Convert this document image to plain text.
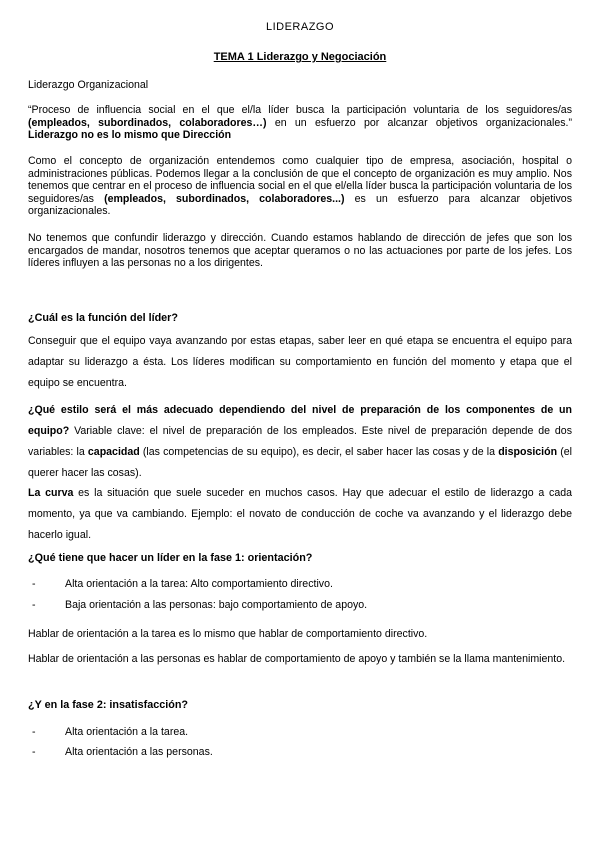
LIDERAZGO
TEMA 1 Liderazgo y Negociación
Liderazgo Organizacional
“Proceso de influencia social en el que el/la líder busca la participación voluntaria de los seguidores/as (empleados, subordinados, colaboradores…) en un esfuerzo por alcanzar objetivos organizacionales.” Liderazgo no es lo mismo que Dirección
Como el concepto de organización entendemos como cualquier tipo de empresa, asociación, hospital o administraciones públicas. Podemos llegar a la conclusión de que el concepto de organización es muy amplio. Nos tenemos que centrar en el proceso de influencia social en el que el/ella líder busca la participación voluntaria de los seguidores/as (empleados, subordinados, colaboradores...) es un esfuerzo para alcanzar objetivos organizacionales.
No tenemos que confundir liderazgo y dirección. Cuando estamos hablando de dirección de jefes que son los encargados de mandar, nosotros tenemos que aceptar queramos o no las actuaciones por parte de los jefes. Los líderes influyen a las personas no a los dirigentes.
¿Cuál es la función del líder?
Conseguir que el equipo vaya avanzando por estas etapas, saber leer en qué etapa se encuentra el equipo para adaptar su liderazgo a ésta. Los líderes modifican su comportamiento en función del momento y etapa que el equipo se encuentra.
¿Qué estilo será el más adecuado dependiendo del nivel de preparación de los componentes de un equipo? Variable clave: el nivel de preparación de los empleados. Este nivel de preparación depende de dos variables: la capacidad (las competencias de su equipo), es decir, el saber hacer las cosas y de la disposición (el querer hacer las cosas).
La curva es la situación que suele suceder en muchos casos. Hay que adecuar el estilo de liderazgo a cada momento, ya que va cambiando. Ejemplo: el novato de conducción de coche va avanzando y el liderazgo debe hacerlo igual.
¿Qué tiene que hacer un líder en la fase 1: orientación?
-	Alta orientación a la tarea: Alto comportamiento directivo.
-	Baja orientación a las personas: bajo comportamiento de apoyo.
Hablar de orientación a la tarea es lo mismo que hablar de comportamiento directivo.
Hablar de orientación a las personas es hablar de comportamiento de apoyo y también se la llama mantenimiento.
¿Y en la fase 2: insatisfacción?
-	Alta orientación a la tarea.
-	Alta orientación a las personas.
